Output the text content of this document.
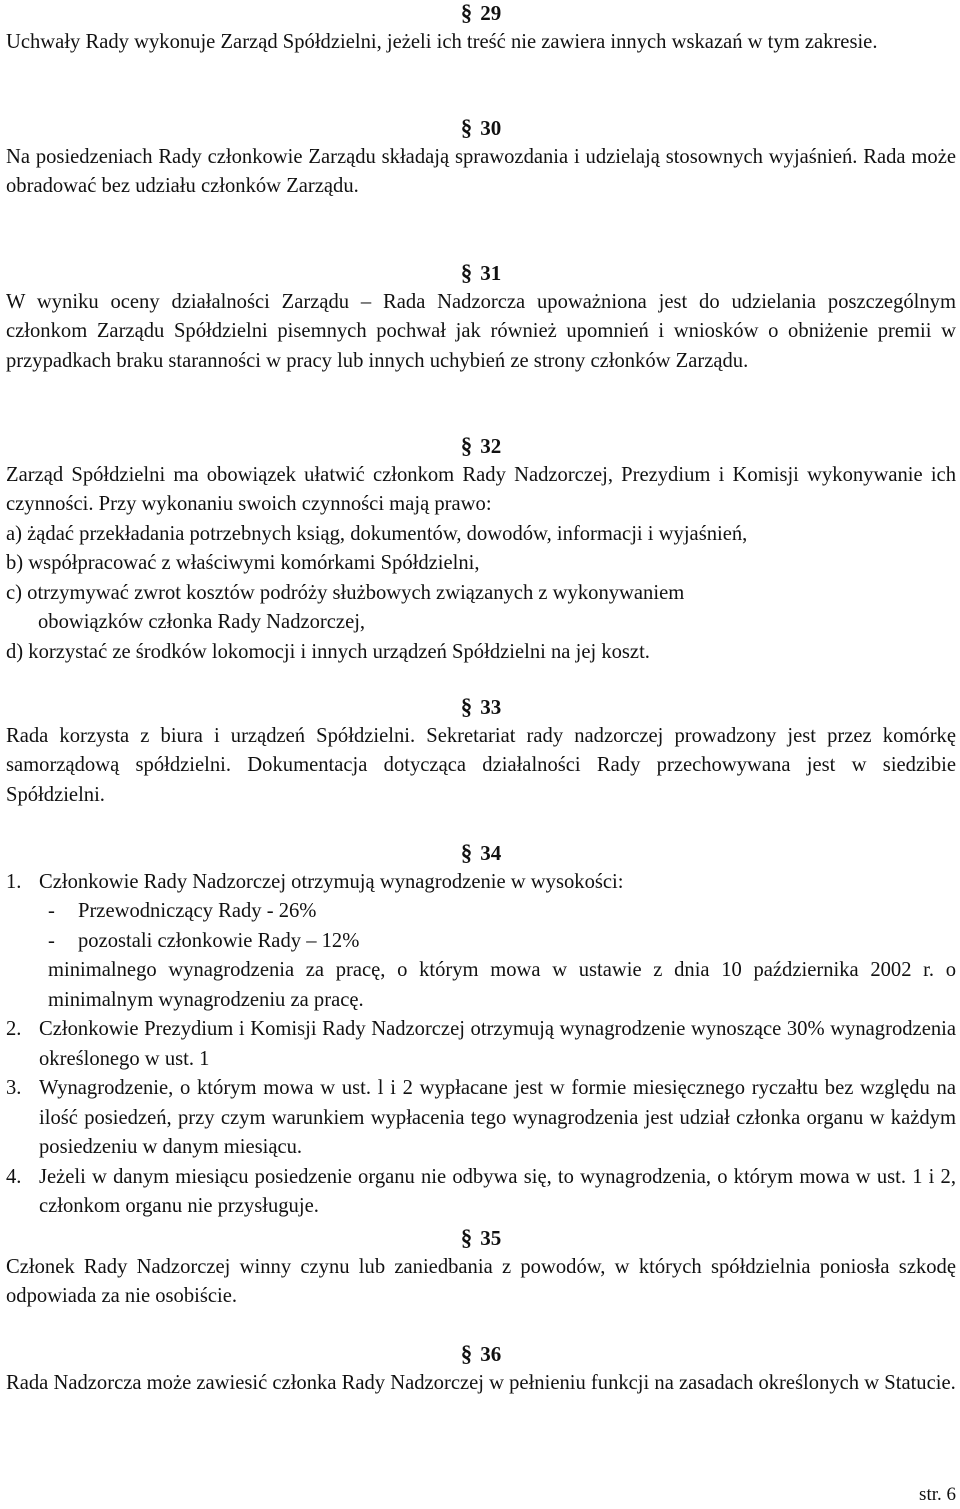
§ 29

Uchwały Rady wykonuje Zarząd Spółdzielni, jeżeli ich treść nie zawiera innych wskazań w tym zakresie.

§ 30

Na posiedzeniach Rady członkowie Zarządu składają sprawozdania i udzielają stosownych wyjaśnień. Rada może obradować bez udziału członków Zarządu.

§ 31

W wyniku oceny działalności Zarządu – Rada Nadzorcza upoważniona jest do udzielania poszczególnym członkom Zarządu Spółdzielni pisemnych pochwał jak również upomnień i wniosków o obniżenie premii w przypadkach braku staranności w pracy lub innych uchybień ze strony członków Zarządu.

§ 32

Zarząd Spółdzielni ma obowiązek ułatwić członkom Rady Nadzorczej, Prezydium i Komisji wykonywanie ich czynności. Przy wykonaniu swoich czynności mają prawo:

a) żądać przekładania potrzebnych ksiąg, dokumentów, dowodów, informacji i wyjaśnień,
b) współpracować z właściwymi komórkami Spółdzielni,
c) otrzymywać zwrot kosztów podróży służbowych związanych z wykonywaniem
obowiązków członka Rady Nadzorczej,
d) korzystać ze środków lokomocji i innych urządzeń Spółdzielni na jej koszt.
§ 33

Rada korzysta z biura i urządzeń Spółdzielni. Sekretariat rady nadzorczej prowadzony jest przez komórkę samorządową spółdzielni. Dokumentacja dotycząca działalności Rady przechowywana jest w siedzibie Spółdzielni.

§ 34
1. Członkowie Rady Nadzorczej otrzymują wynagrodzenie w wysokości:
- Przewodniczący Rady - 26%
- pozostali członkowie Rady – 12%
minimalnego wynagrodzenia za pracę, o którym mowa w ustawie z dnia 10 października 2002 r. o minimalnym wynagrodzeniu za pracę.
2. Członkowie Prezydium i Komisji Rady Nadzorczej otrzymują wynagrodzenie wynoszące 30% wynagrodzenia określonego w ust. 1
3. Wynagrodzenie, o którym mowa w ust. l i 2 wypłacane jest w formie miesięcznego ryczałtu bez względu na ilość posiedzeń, przy czym warunkiem wypłacenia tego wynagrodzenia jest udział członka organu w każdym posiedzeniu w danym miesiącu.
4. Jeżeli w danym miesiącu posiedzenie organu nie odbywa się, to wynagrodzenia, o którym mowa w ust. 1 i 2, członkom organu nie przysługuje.
§ 35

Członek Rady Nadzorczej winny czynu lub zaniedbania z powodów, w których spółdzielnia poniosła szkodę odpowiada za nie osobiście.

§ 36

Rada Nadzorcza może zawiesić członka Rady Nadzorczej w pełnieniu funkcji na zasadach określonych w Statucie.

str. 6
